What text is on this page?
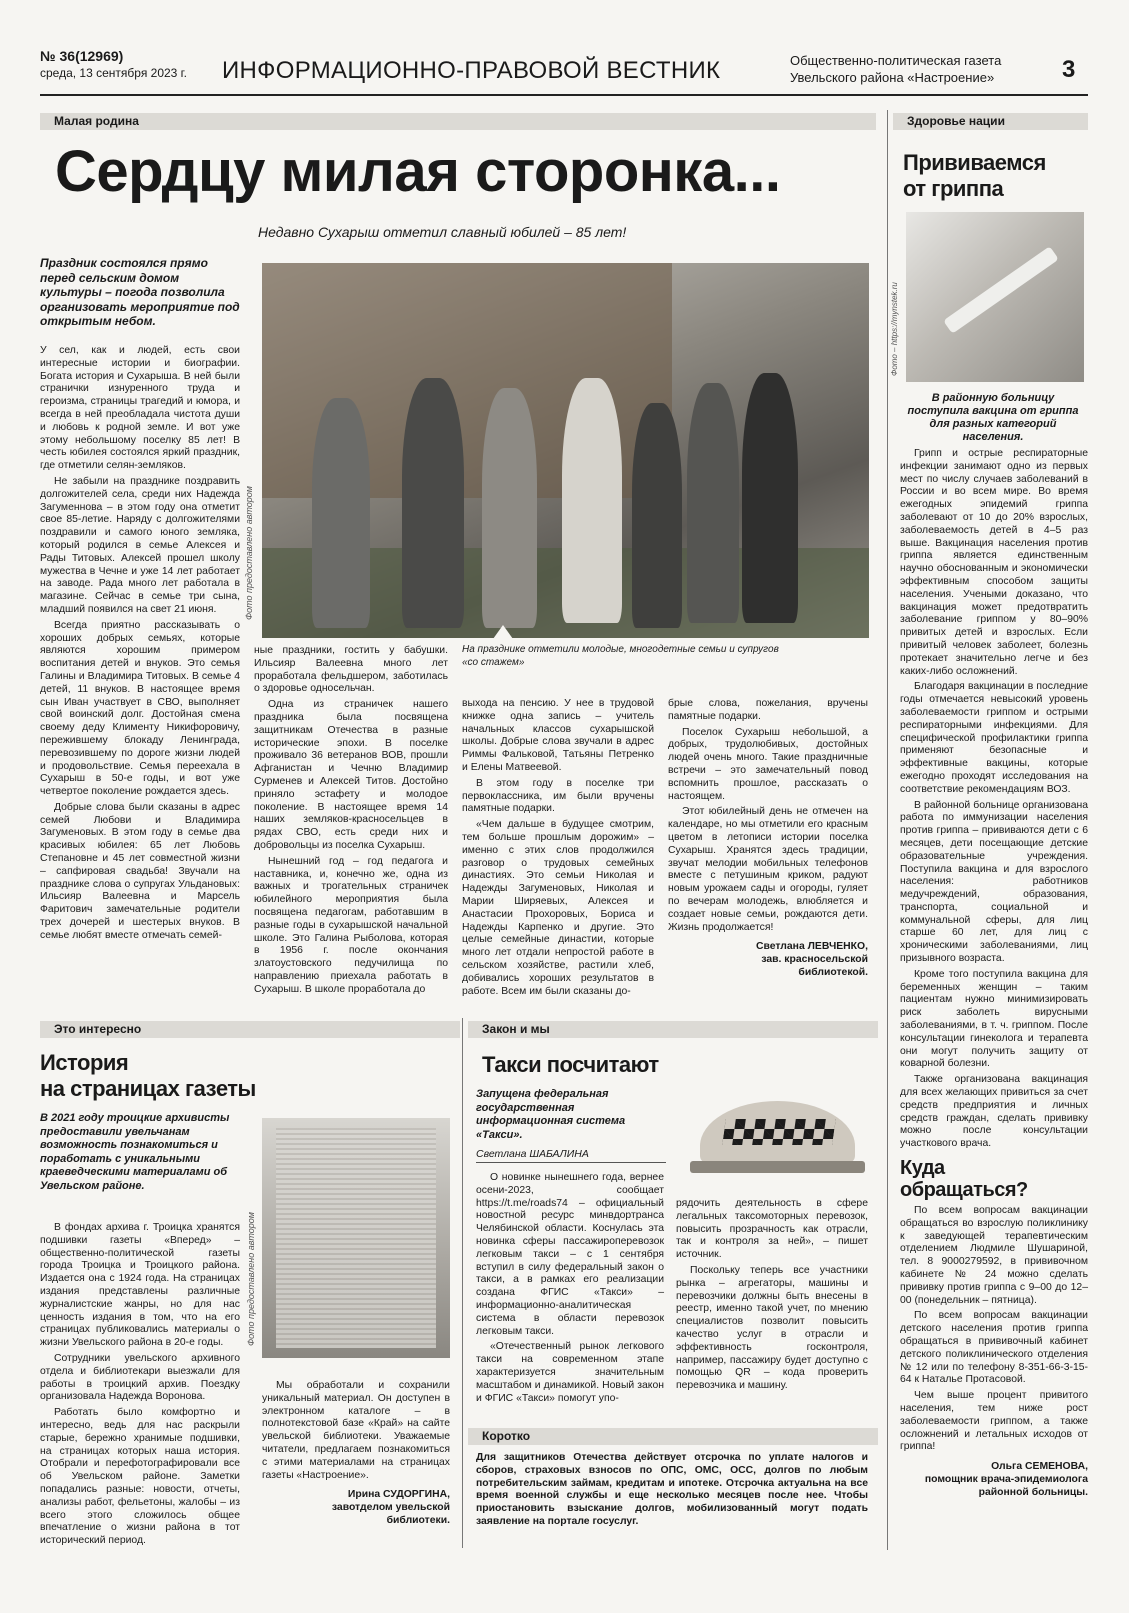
№ 36(12969)
среда, 13 сентября 2023 г. ИНФОРМАЦИОННО-ПРАВОВОЙ ВЕСТНИК	Общественно-политическая газета
Увельского района «Настроение»	3
Малая родина
Сердцу милая сторонка...
Недавно Сухарыш отметил славный юбилей – 85 лет!
Праздник состоялся прямо перед сельским домом культуры – погода позволила организовать мероприятие под открытым небом.
Фото предоставлено автором
На празднике отметили молодые, многодетные семьи и супругов
«со стажем»

У сел, как и людей, есть свои интересные истории и биографии. Богата история и Сухарыша. В ней были странички изнуренного труда и героизма, страницы трагедий и юмора, и всегда в ней преобладала чистота души и любовь к родной земле. И вот уже этому небольшому поселку 85 лет! В честь юбилея состоялся яркий праздник, где отметили селян-земляков.

Не забыли на празднике поздравить долгожителей села, среди них Надежда Загуменнова – в этом году она отметит свое 85-летие. Наряду с долгожителями поздравили и самого юного земляка, который родился в семье Алексея и Рады Титовых. Алексей прошел школу мужества в Чечне и уже 14 лет работает на заводе. Рада много лет работала в магазине. Сейчас в семье три сына, младший появился на свет 21 июня.

Всегда приятно рассказывать о хороших добрых семьях, которые являются хорошим примером воспитания детей и внуков. Это семья Галины и Владимира Титовых. В семье 4 детей, 11 внуков. В настоящее время сын Иван участвует в СВО, выполняет свой воинский долг. Достойная смена своему деду Клименту Никифоровичу, пережившему блокаду Ленинграда, перевозившему по дороге жизни людей и продовольствие. Семья переехала в Сухарыш в 50-е годы, и вот уже четвертое поколение рождается здесь.

Добрые слова были сказаны в адрес семей Любови и Владимира Загуменовых. В этом году в семье два красивых юбилея: 65 лет Любовь Степановне и 45 лет совместной жизни – сапфировая свадьба! Звучали на празднике слова о супругах Ульдановых: Ильсияр Валеевна и Марсель Фаритович замечательные родители трех дочерей и шестерых внуков. В семье любят вместе отмечать семей-

ные праздники, гостить у бабушки. Ильсияр Валеевна много лет проработала фельдшером, заботилась о здоровье односельчан.

Одна из страничек нашего праздника была посвящена защитникам Отечества в разные исторические эпохи. В поселке проживало 36 ветеранов ВОВ, прошли Афганистан и Чечню Владимир Сурменев и Алексей Титов. Достойно приняло эстафету и молодое поколение. В настоящее время 14 наших земляков-красносельцев в рядах СВО, есть среди них и добровольцы из поселка Сухарыш.

Нынешний год – год педагога и наставника, и, конечно же, одна из важных и трогательных страничек юбилейного мероприятия была посвящена педагогам, работавшим в разные годы в сухарышской начальной школе. Это Галина Рыболова, которая в 1956 г. после окончания златоустовского педучилища по направлению приехала работать в Сухарыш. В школе проработала до

выхода на пенсию. У нее в трудовой книжке одна запись – учитель начальных классов сухарышской школы. Добрые слова звучали в адрес Риммы Фальковой, Татьяны Петренко и Елены Матвеевой.

В этом году в поселке три первоклассника, им были вручены памятные подарки.

«Чем дальше в будущее смотрим, тем больше прошлым дорожим» – именно с этих слов продолжился разговор о трудовых семейных династиях. Это семьи Николая и Надежды Загуменовых, Николая и Марии Ширяевых, Алексея и Анастасии Прохоровых, Бориса и Надежды Карпенко и другие. Это целые семейные династии, которые много лет отдали непростой работе в сельском хозяйстве, растили хлеб, добивались хороших результатов в работе. Всем им были сказаны до-

брые слова, пожелания, вручены памятные подарки.

Поселок Сухарыш небольшой, а добрых, трудолюбивых, достойных людей очень много. Такие праздничные встречи – это замечательный повод вспомнить прошлое, рассказать о настоящем.

Этот юбилейный день не отмечен на календаре, но мы отметили его красным цветом в летописи истории поселка Сухарыш. Хранятся здесь традиции, звучат мелодии мобильных телефонов вместе с петушиным криком, радуют новым урожаем сады и огороды, гуляет по вечерам молодежь, влюбляется и создает новые семьи, рождаются дети. Жизнь продолжается!

Светлана ЛЕВЧЕНКО,
зав. красносельской
библиотекой.
Здоровье нации
Прививаемся
от гриппа
Фото – https://mynstek.ru
В районную больницу поступила вакцина от гриппа для разных категорий населения.

Грипп и острые респираторные инфекции занимают одно из первых мест по числу случаев заболеваний в России и во всем мире. Во время ежегодных эпидемий гриппа заболевают от 10 до 20% взрослых, заболеваемость детей в 4–5 раз выше. Вакцинация населения против гриппа является единственным научно обоснованным и экономически эффективным способом защиты населения. Учеными доказано, что вакцинация может предотвратить заболевание гриппом у 80–90% привитых детей и взрослых. Если привитый человек заболеет, болезнь протекает значительно легче и без каких-либо осложнений.

Благодаря вакцинации в последние годы отмечается невысокий уровень заболеваемости гриппом и острыми респираторными инфекциями. Для специфической профилактики гриппа применяют безопасные и эффективные вакцины, которые ежегодно проходят исследования на соответствие рекомендациям ВОЗ.

В районной больнице организована работа по иммунизации населения против гриппа – прививаются дети с 6 месяцев, дети посещающие детские образовательные учреждения. Поступила вакцина и для взрослого населения: работников медучреждений, образования, транспорта, социальной и коммунальной сферы, для лиц старше 60 лет, для лиц с хроническими заболеваниями, лиц призывного возраста.

Кроме того поступила вакцина для беременных женщин – таким пациентам нужно минимизировать риск заболеть вирусными заболеваниями, в т. ч. гриппом. После консультации гинеколога и терапевта они могут получить защиту от коварной болезни.

Также организована вакцинация для всех желающих привиться за счет средств предприятия и личных средств граждан, сделать прививку можно после консультации участкового врача.

Куда
обращаться?

По всем вопросам вакцинации обращаться во взрослую поликлинику к заведующей терапевтическим отделением Людмиле Шушариной, тел. 8 9000279592, в прививочном кабинете № 24 можно сделать прививку против гриппа с 9–00 до 12–00 (понедельник – пятница).

По всем вопросам вакцинации детского населения против гриппа обращаться в прививочный кабинет детского поликлинического отделения № 12 или по телефону 8-351-66-3-15-64 к Наталье Протасовой.

Чем выше процент привитого населения, тем ниже рост заболеваемости гриппом, а также осложнений и летальных исходов от гриппа!

Ольга СЕМЕНОВА,
помощник врача-эпидемиолога районной больницы.
Это интересно
История
на страницах газеты
В 2021 году троицкие архивисты предоставили увельчанам возможность познакомиться и поработать с уникальными краеведческими материалами об Увельском районе.
Фото предоставлено автором

В фондах архива г. Троицка хранятся подшивки газеты «Вперед» – общественно-политической газеты города Троицка и Троицкого района. Издается она с 1924 года. На страницах издания представлены различные журналистские жанры, но для нас ценность издания в том, что на его страницах публиковались материалы о жизни Увельского района в 20-е годы.

Сотрудники увельского архивного отдела и библиотекари выезжали для работы в троицкий архив. Поездку организовала Надежда Воронова.

Работать было комфортно и интересно, ведь для нас раскрыли старые, бережно хранимые подшивки, на страницах которых наша история. Отобрали и перефотографировали все об Увельском районе. Заметки попадались разные: новости, отчеты, анализы работ, фельетоны, жалобы – из всего этого сложилось общее впечатление о жизни района в тот исторический период.

Мы обработали и сохранили уникальный материал. Он доступен в электронном каталоге – в полнотекстовой базе «Край» на сайте увельской библиотеки. Уважаемые читатели, предлагаем познакомиться с этими материалами на страницах газеты «Настроение».

Ирина СУДОРГИНА,
завотделом увельской
библиотеки.
Закон и мы
Такси посчитают
Запущена федеральная государственная информационная система «Такси».
Светлана ШАБАЛИНА

О новинке нынешнего года, вернее осени-2023, сообщает https://t.me/roads74 – официальный новостной ресурс минвдортранса Челябинской области. Коснулась эта новинка сферы пассажироперевозок легковым такси – с 1 сентября вступил в силу федеральный закон о такси, а в рамках его реализации создана ФГИС «Такси» – информационно-аналитическая система в области перевозок легковым такси.

«Отечественный рынок легкового такси на современном этапе характеризуется значительным масштабом и динамикой. Новый закон и ФГИС «Такси» помогут упо-

рядочить деятельность в сфере легальных таксомоторных перевозок, повысить прозрачность как отрасли, так и контроля за ней», – пишет источник.

Поскольку теперь все участники рынка – агрегаторы, машины и перевозчики должны быть внесены в реестр, именно такой учет, по мнению специалистов позволит повысить качество услуг в отрасли и эффективность госконтроля, например, пассажиру будет доступно с помощью QR – кода проверить перевозчика и машину.

Коротко
Для защитников Отечества действует отсрочка по уплате налогов и сборов, страховых взносов по ОПС, ОМС, ОСС, долгов по любым потребительским займам, кредитам и ипотеке. Отсрочка актуальна на все время военной службы и еще несколько месяцев после нее. Чтобы приостановить взыскание долгов, мобилизованный могут подать заявление на портале госуслуг.
